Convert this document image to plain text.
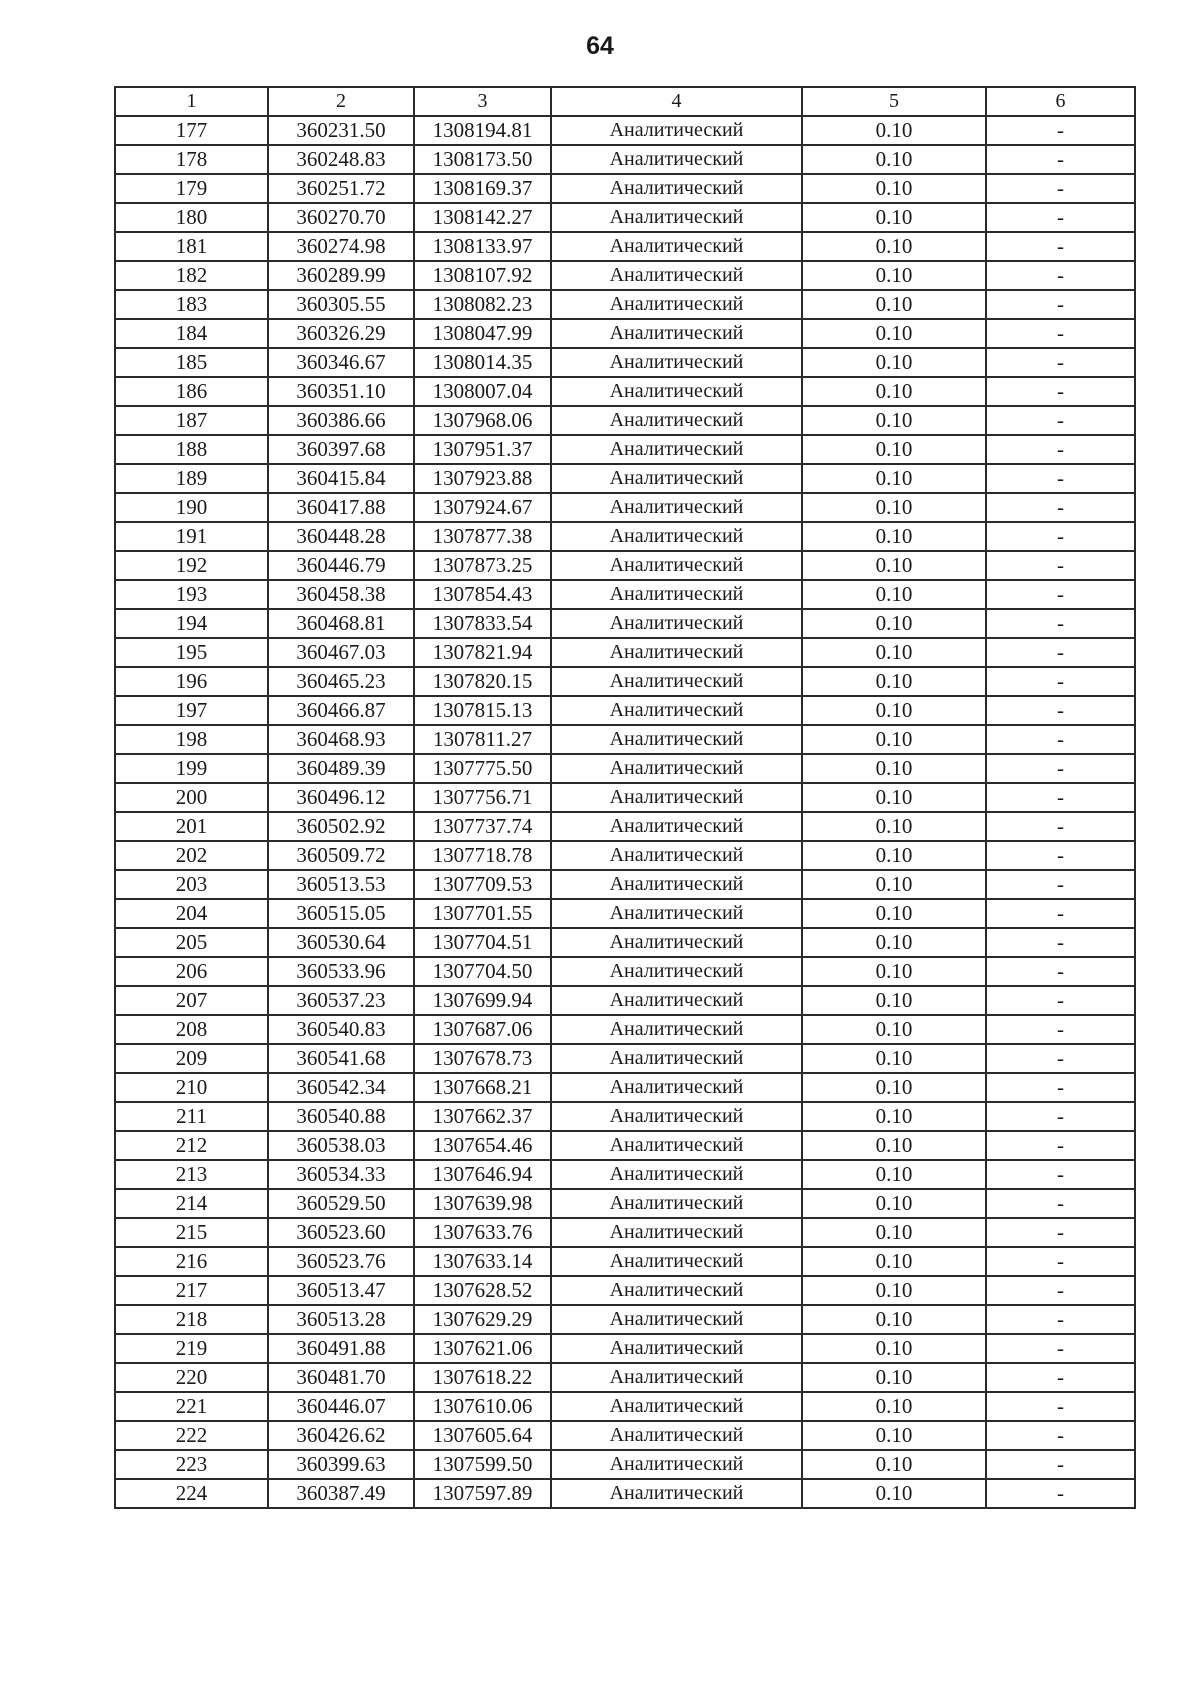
64
1	2	3	4	5	6
177	360231.50	1308194.81	Аналитический	0.10	-
178	360248.83	1308173.50	Аналитический	0.10	-
179	360251.72	1308169.37	Аналитический	0.10	-
180	360270.70	1308142.27	Аналитический	0.10	-
181	360274.98	1308133.97	Аналитический	0.10	-
182	360289.99	1308107.92	Аналитический	0.10	-
183	360305.55	1308082.23	Аналитический	0.10	-
184	360326.29	1308047.99	Аналитический	0.10	-
185	360346.67	1308014.35	Аналитический	0.10	-
186	360351.10	1308007.04	Аналитический	0.10	-
187	360386.66	1307968.06	Аналитический	0.10	-
188	360397.68	1307951.37	Аналитический	0.10	-
189	360415.84	1307923.88	Аналитический	0.10	-
190	360417.88	1307924.67	Аналитический	0.10	-
191	360448.28	1307877.38	Аналитический	0.10	-
192	360446.79	1307873.25	Аналитический	0.10	-
193	360458.38	1307854.43	Аналитический	0.10	-
194	360468.81	1307833.54	Аналитический	0.10	-
195	360467.03	1307821.94	Аналитический	0.10	-
196	360465.23	1307820.15	Аналитический	0.10	-
197	360466.87	1307815.13	Аналитический	0.10	-
198	360468.93	1307811.27	Аналитический	0.10	-
199	360489.39	1307775.50	Аналитический	0.10	-
200	360496.12	1307756.71	Аналитический	0.10	-
201	360502.92	1307737.74	Аналитический	0.10	-
202	360509.72	1307718.78	Аналитический	0.10	-
203	360513.53	1307709.53	Аналитический	0.10	-
204	360515.05	1307701.55	Аналитический	0.10	-
205	360530.64	1307704.51	Аналитический	0.10	-
206	360533.96	1307704.50	Аналитический	0.10	-
207	360537.23	1307699.94	Аналитический	0.10	-
208	360540.83	1307687.06	Аналитический	0.10	-
209	360541.68	1307678.73	Аналитический	0.10	-
210	360542.34	1307668.21	Аналитический	0.10	-
211	360540.88	1307662.37	Аналитический	0.10	-
212	360538.03	1307654.46	Аналитический	0.10	-
213	360534.33	1307646.94	Аналитический	0.10	-
214	360529.50	1307639.98	Аналитический	0.10	-
215	360523.60	1307633.76	Аналитический	0.10	-
216	360523.76	1307633.14	Аналитический	0.10	-
217	360513.47	1307628.52	Аналитический	0.10	-
218	360513.28	1307629.29	Аналитический	0.10	-
219	360491.88	1307621.06	Аналитический	0.10	-
220	360481.70	1307618.22	Аналитический	0.10	-
221	360446.07	1307610.06	Аналитический	0.10	-
222	360426.62	1307605.64	Аналитический	0.10	-
223	360399.63	1307599.50	Аналитический	0.10	-
224	360387.49	1307597.89	Аналитический	0.10	-
